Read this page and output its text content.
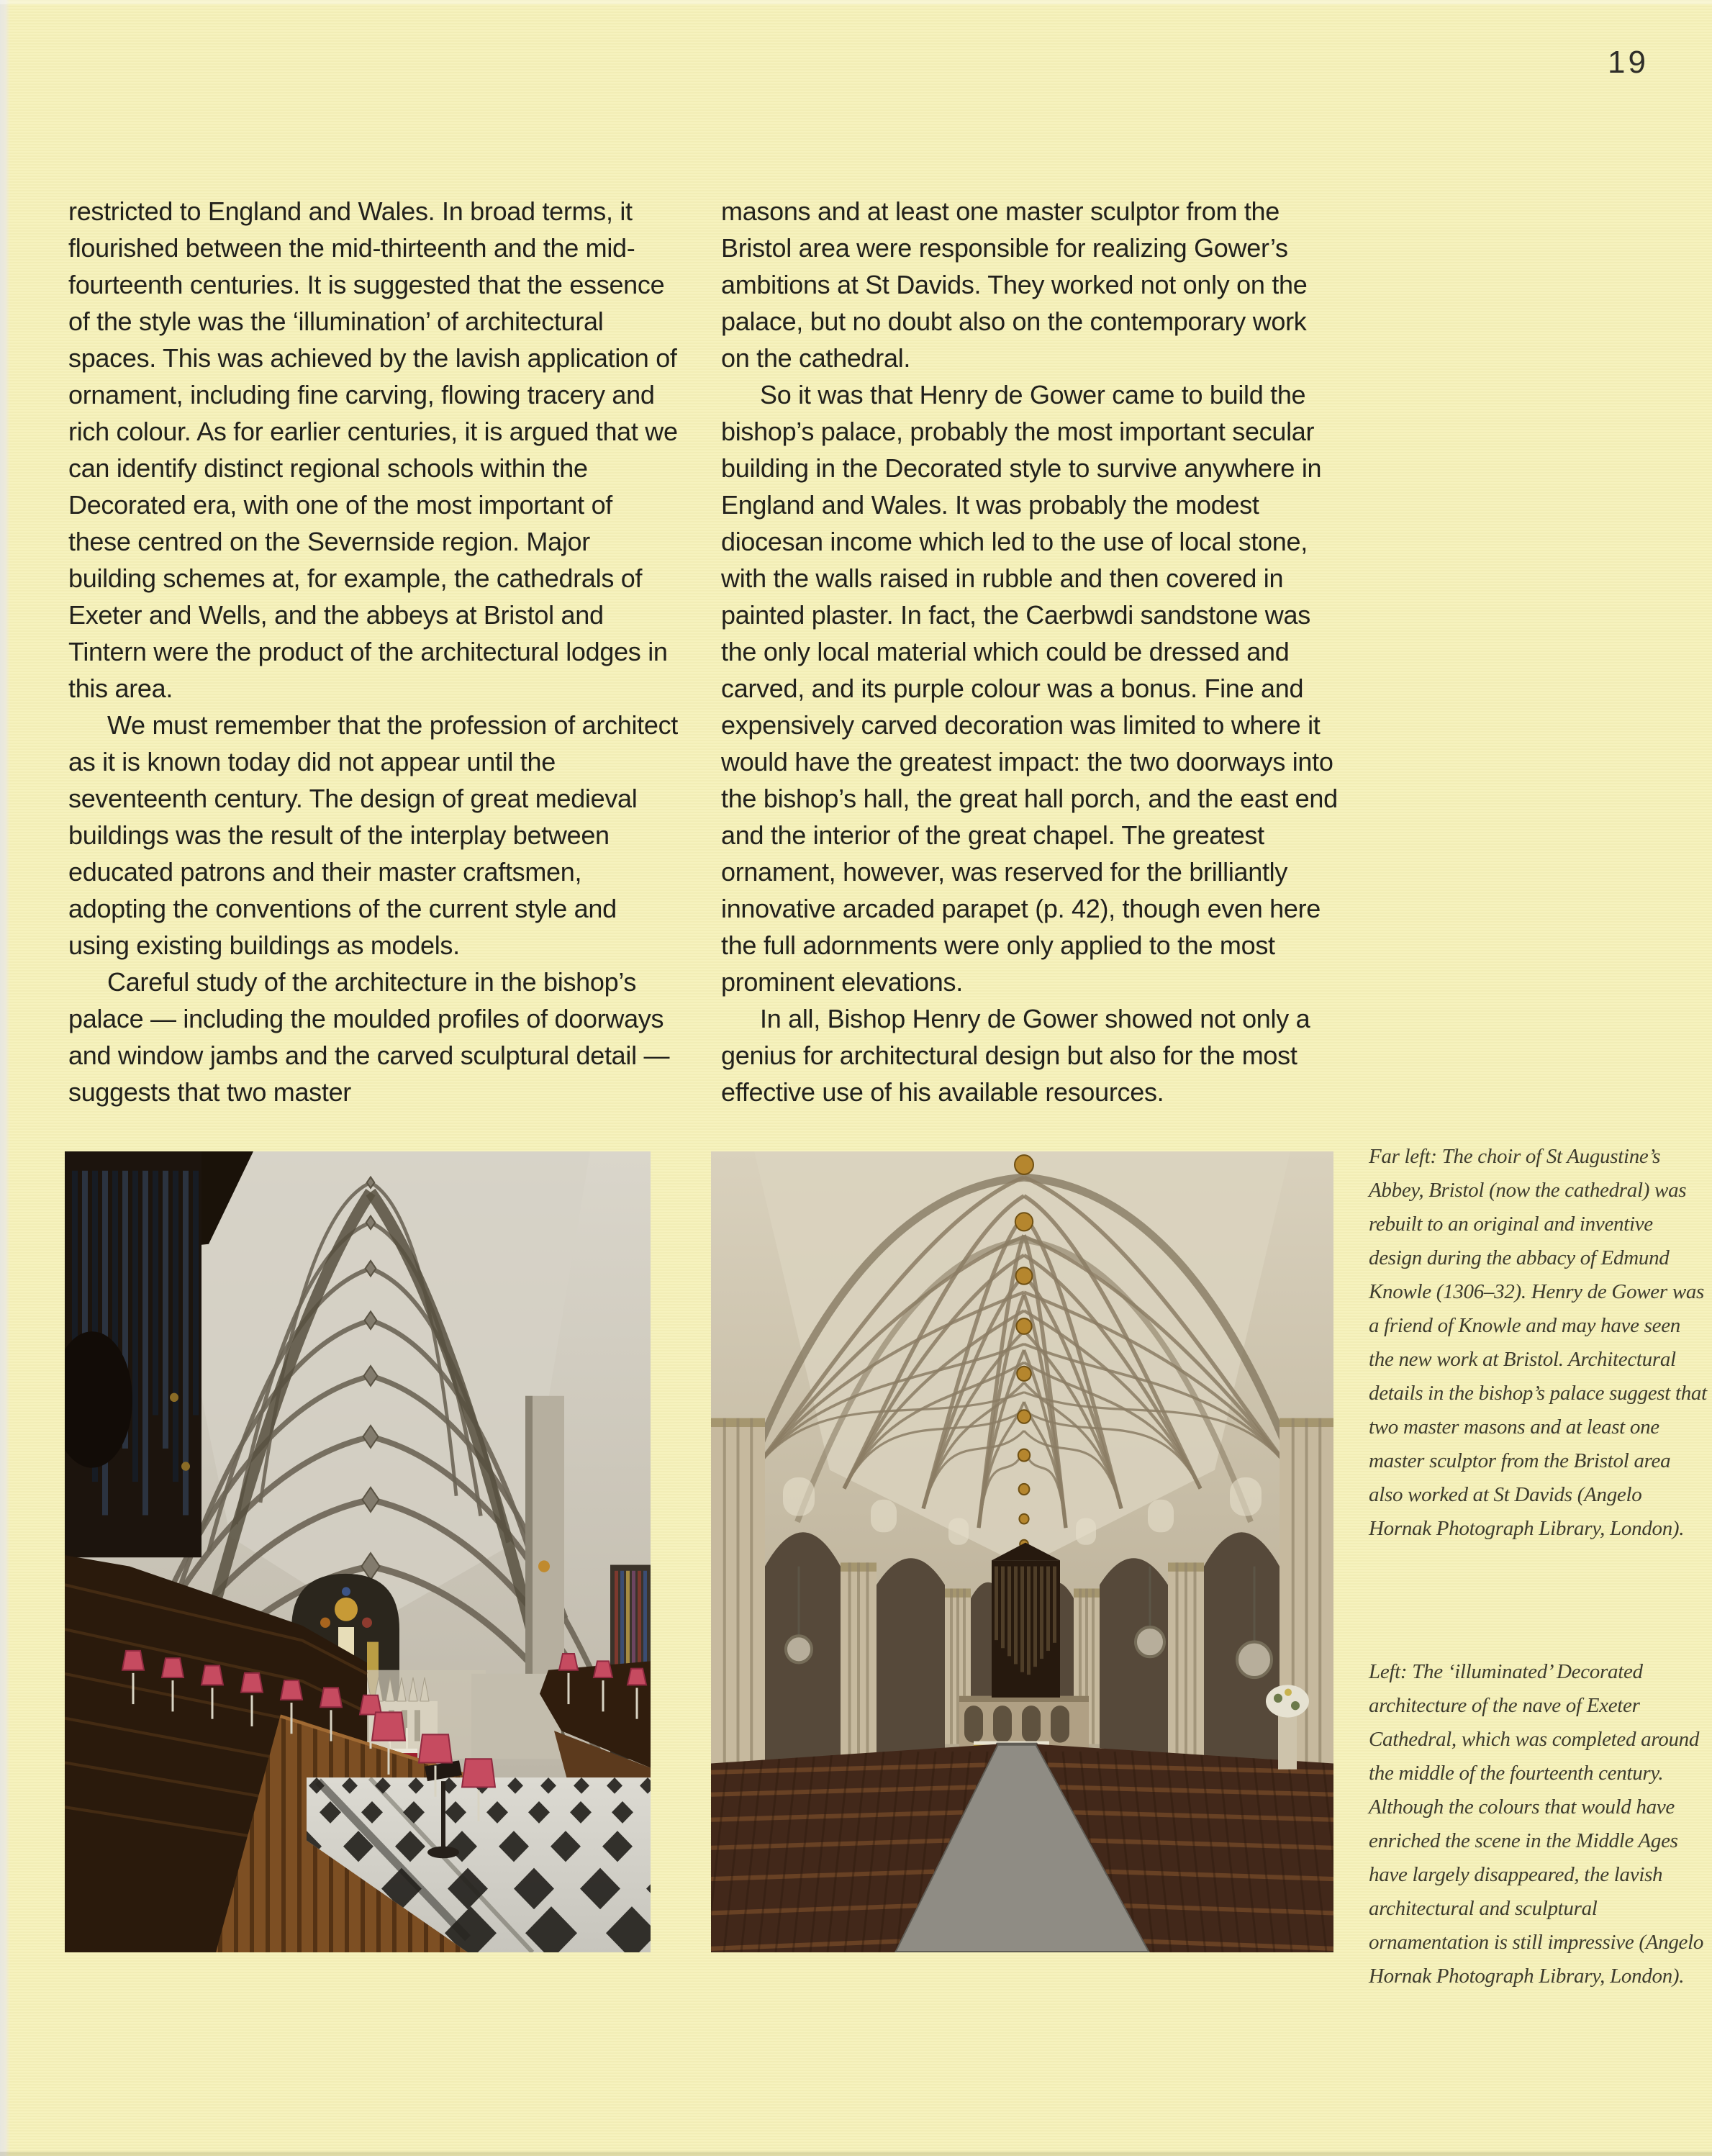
19

restricted to England and Wales. In broad terms, it flourished between the mid-thirteenth and the mid-fourteenth centuries. It is suggested that the essence of the style was the ‘illumination’ of architectural spaces. This was achieved by the lavish application of ornament, including fine carving, flowing tracery and rich colour. As for earlier centuries, it is argued that we can identify distinct regional schools within the Decorated era, with one of the most important of these centred on the Severnside region. Major building schemes at, for example, the cathedrals of Exeter and Wells, and the abbeys at Bristol and Tintern were the product of the architectural lodges in this area.

We must remember that the profession of architect as it is known today did not appear until the seventeenth century. The design of great medieval buildings was the result of the interplay between educated patrons and their master craftsmen, adopting the conventions of the current style and using existing buildings as models.

Careful study of the architecture in the bishop’s palace — including the moulded profiles of doorways and window jambs and the carved sculptural detail — suggests that two master

masons and at least one master sculptor from the Bristol area were responsible for realizing Gower’s ambitions at St Davids. They worked not only on the palace, but no doubt also on the contemporary work on the cathedral.

So it was that Henry de Gower came to build the bishop’s palace, probably the most important secular building in the Decorated style to survive anywhere in England and Wales. It was probably the modest diocesan income which led to the use of local stone, with the walls raised in rubble and then covered in painted plaster. In fact, the Caerbwdi sandstone was the only local material which could be dressed and carved, and its purple colour was a bonus. Fine and expensively carved decoration was limited to where it would have the greatest impact: the two doorways into the bishop’s hall, the great hall porch, and the east end and the interior of the great chapel. The greatest ornament, however, was reserved for the brilliantly innovative arcaded parapet (p. 42), though even here the full adornments were only applied to the most prominent elevations.

In all, Bishop Henry de Gower showed not only a genius for architectural design but also for the most effective use of his available resources.

Far left: The choir of St Augustine’s Abbey, Bristol (now the cathedral) was rebuilt to an original and inventive design during the abbacy of Edmund Knowle (1306–32). Henry de Gower was a friend of Knowle and may have seen the new work at Bristol. Architectural details in the bishop’s palace suggest that two master masons and at least one master sculptor from the Bristol area also worked at St Davids (Angelo Hornak Photograph Library, London).

Left: The ‘illuminated’ Decorated architecture of the nave of Exeter Cathedral, which was completed around the middle of the fourteenth century. Although the colours that would have enriched the scene in the Middle Ages have largely disappeared, the lavish architectural and sculptural ornamentation is still impressive (Angelo Hornak Photograph Library, London).
